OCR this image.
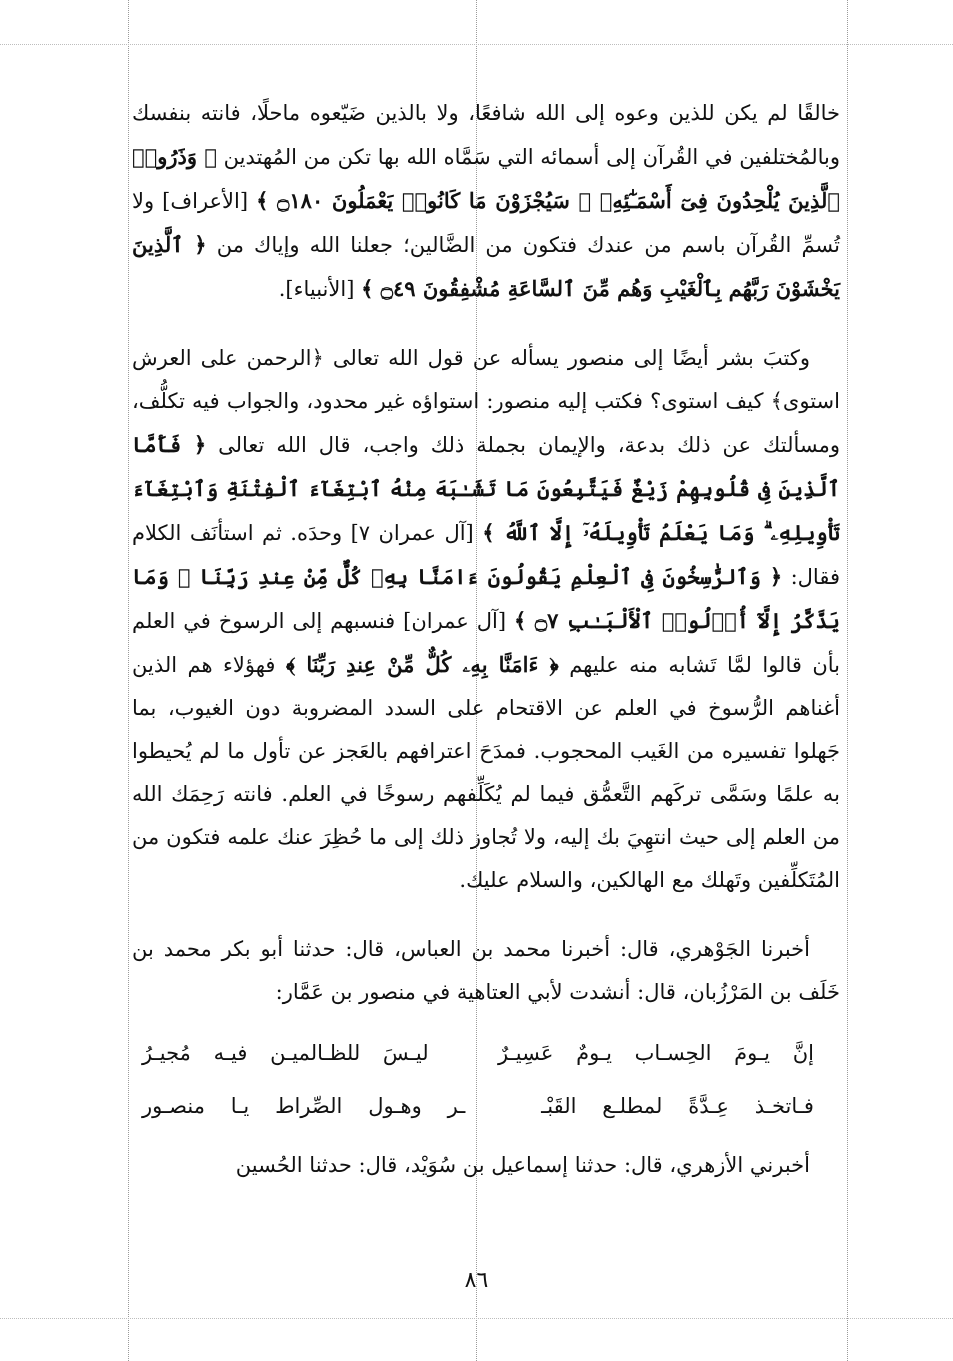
خالقًا لم يكن للذين وعوه إلى الله شافعًا، ولا بالذين ضَيّعوه ماحلًا، فانته بنفسك وبالمُختلفين في القُرآن إلى أسمائه التي سَمَّاه الله بها تكن من المُهتدين ﴿ وَذَرُوا۟ ٱلَّذِينَ يُلْحِدُونَ فِىٓ أَسْمَـٰٓئِهِۦ ۚ سَيُجْزَوْنَ مَا كَانُوا۟ يَعْمَلُونَ ۝١٨٠ ﴾ [الأعراف] ولا تُسمِّ القُرآن باسم من عندك فتكون من الضَّالين؛ جعلنا الله وإياك من ﴿ ٱلَّذِينَ يَخْشَوْنَ رَبَّهُم بِٱلْغَيْبِ وَهُم مِّنَ ٱلسَّاعَةِ مُشْفِقُونَ ۝٤٩ ﴾ [الأنبياء].

وكتبَ بشر أيضًا إلى منصور يسأله عن قول الله تعالى ﴿الرحمن على العرش استوى﴾ كيف استوى؟ فكتب إليه منصور: استواؤه غير محدود، والجواب فيه تكلُّف، ومسألتك عن ذلك بدعة، والإيمان بجملة ذلك واجب، قال الله تعالى ﴿ فَأَمَّا ٱلَّذِينَ فِى قُلُوبِهِمْ زَيْغٌ فَيَتَّبِعُونَ مَا تَشَـٰبَهَ مِنْهُ ٱبْتِغَآءَ ٱلْفِتْنَةِ وَٱبْتِغَآءَ تَأْوِيلِهِۦ ۗ وَمَا يَعْلَمُ تَأْوِيلَهُۥٓ إِلَّا ٱللَّهُ ﴾ [آل عمران ٧] وحدَه. ثم استأنَف الكلام فقال: ﴿ وَٱلرَّٰسِخُونَ فِى ٱلْعِلْمِ يَقُولُونَ ءَامَنَّا بِهِۦ كُلٌّ مِّنْ عِندِ رَبِّنَا ۗ وَمَا يَذَّكَّرُ إِلَّآ أُو۟لُوا۟ ٱلْأَلْبَـٰبِ ۝٧ ﴾ [آل عمران] فنسبهم إلى الرسوخ في العلم بأن قالوا لمَّا تَشابه منه عليهم ﴿ ءَامَنَّا بِهِۦ كُلٌّ مِّنْ عِندِ رَبِّنَا ﴾ فهؤلاء هم الذين أغناهم الرُّسوخ في العلم عن الاقتحام على السدد المضروبة دون الغيوب، بما جَهلوا تفسيره من الغَيب المحجوب. فمدَحَ اعترافهم بالعَجز عن تأول ما لم يُحيطوا به علمًا وسَمَّى تركَهم التَّعمُّق فيما لم يُكَلِّفهم رسوخًا في العلم. فانته رَحِمَك الله من العلم إلى حيث انتهِيَ بك إليه، ولا تُجاوز ذلك إلى ما حُظِرَ عنك علمه فتكون من المُتَكلِّفين وتَهلك مع الهالكين، والسلام عليك.

أخبرنا الجَوْهري، قال: أخبرنا محمد بن العباس، قال: حدثنا أبو بكر محمد بن خَلَف بن المَرْزُبان، قال: أنشدت لأبي العتاهية في منصور بن عَمَّار:

إنَّ يـومَ الحِسـاب يـومٌ عَسِيـرٌ  ليـسَ للظـالميـن فيـه مُجيـرُ
فـاتخـذ عِـدَّةً لمطلـع القَبْـ  ـر وهـول الصِّراط يـا منصـور

أخبرني الأزهري، قال: حدثنا إسماعيل بن سُوَيْد، قال: حدثنا الحُسين

٨٦
